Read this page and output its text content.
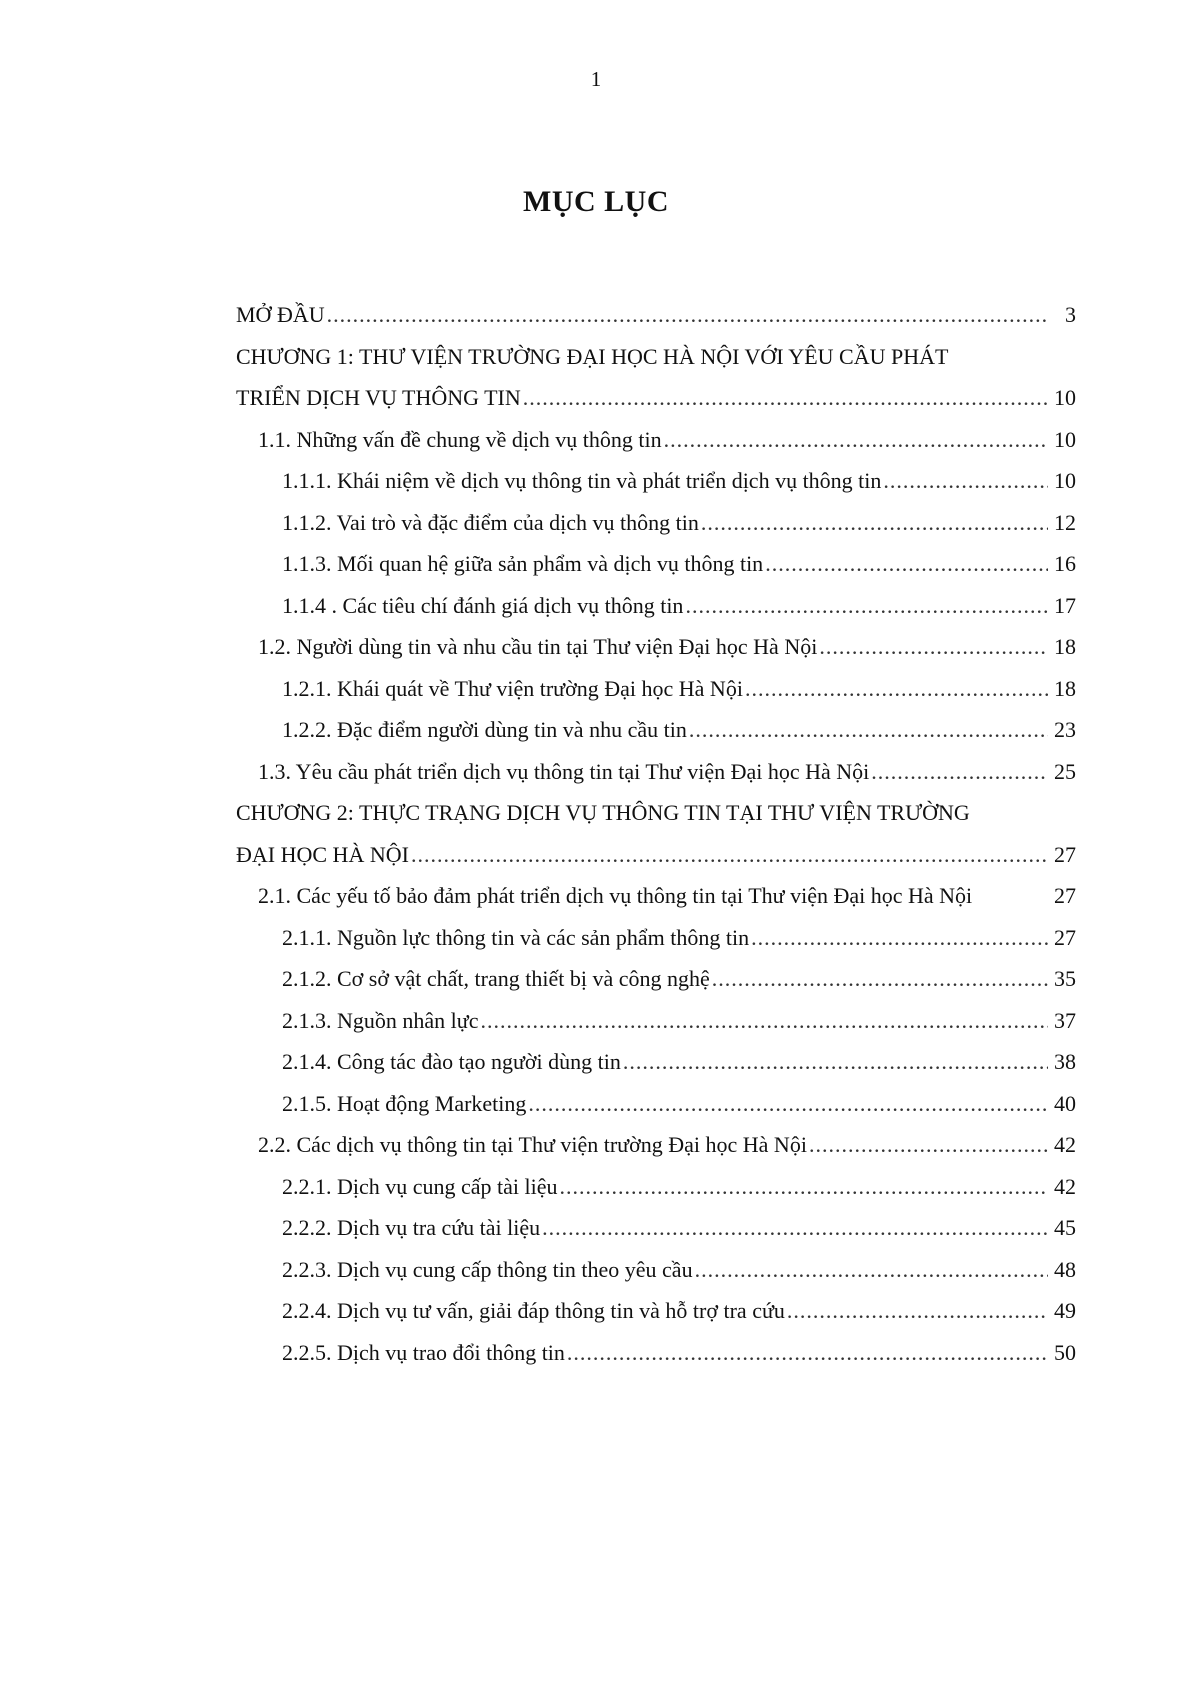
1
MỤC LỤC
MỞ ĐẦU .....	3
CHƯƠNG 1: THƯ VIỆN TRƯỜNG ĐẠI HỌC HÀ NỘI VỚI YÊU CẦU PHÁT
TRIỂN DỊCH VỤ THÔNG TIN .....	10
1.1. Những vấn đề chung về dịch vụ thông tin .....	10
1.1.1. Khái niệm về dịch vụ thông tin và phát triển dịch vụ thông tin .....	10
1.1.2. Vai trò và đặc điểm của dịch vụ thông tin .....	12
1.1.3. Mối quan hệ giữa sản phẩm và dịch vụ thông tin .....	16
1.1.4 . Các tiêu chí đánh giá dịch vụ thông tin .....	17
1.2. Người dùng tin và nhu cầu tin tại Thư viện Đại học Hà Nội .....	18
1.2.1. Khái quát về Thư viện trường Đại học Hà Nội .....	18
1.2.2. Đặc điểm người dùng tin và nhu cầu tin .....	23
1.3. Yêu cầu phát triển dịch vụ thông tin tại Thư viện Đại học Hà Nội .....	25
CHƯƠNG 2: THỰC TRẠNG DỊCH VỤ THÔNG TIN TẠI THƯ VIỆN TRƯỜNG
ĐẠI HỌC HÀ NỘI .....	27
2.1. Các yếu tố bảo đảm phát triển dịch vụ thông tin tại Thư viện Đại học Hà Nội	27
2.1.1. Nguồn lực thông tin và các sản phẩm thông tin .....	27
2.1.2. Cơ sở vật chất, trang thiết bị và công nghệ .....	35
2.1.3. Nguồn nhân lực .....	37
2.1.4. Công tác đào tạo người dùng tin .....	38
2.1.5. Hoạt động Marketing .....	40
2.2. Các dịch vụ thông tin tại Thư viện trường Đại học Hà Nội .....	42
2.2.1. Dịch vụ cung cấp tài liệu .....	42
2.2.2. Dịch vụ tra cứu tài liệu .....	45
2.2.3. Dịch vụ cung cấp thông tin theo yêu cầu .....	48
2.2.4. Dịch vụ tư vấn, giải đáp thông tin và hỗ trợ tra cứu .....	49
2.2.5. Dịch vụ trao đổi thông tin .....	50
